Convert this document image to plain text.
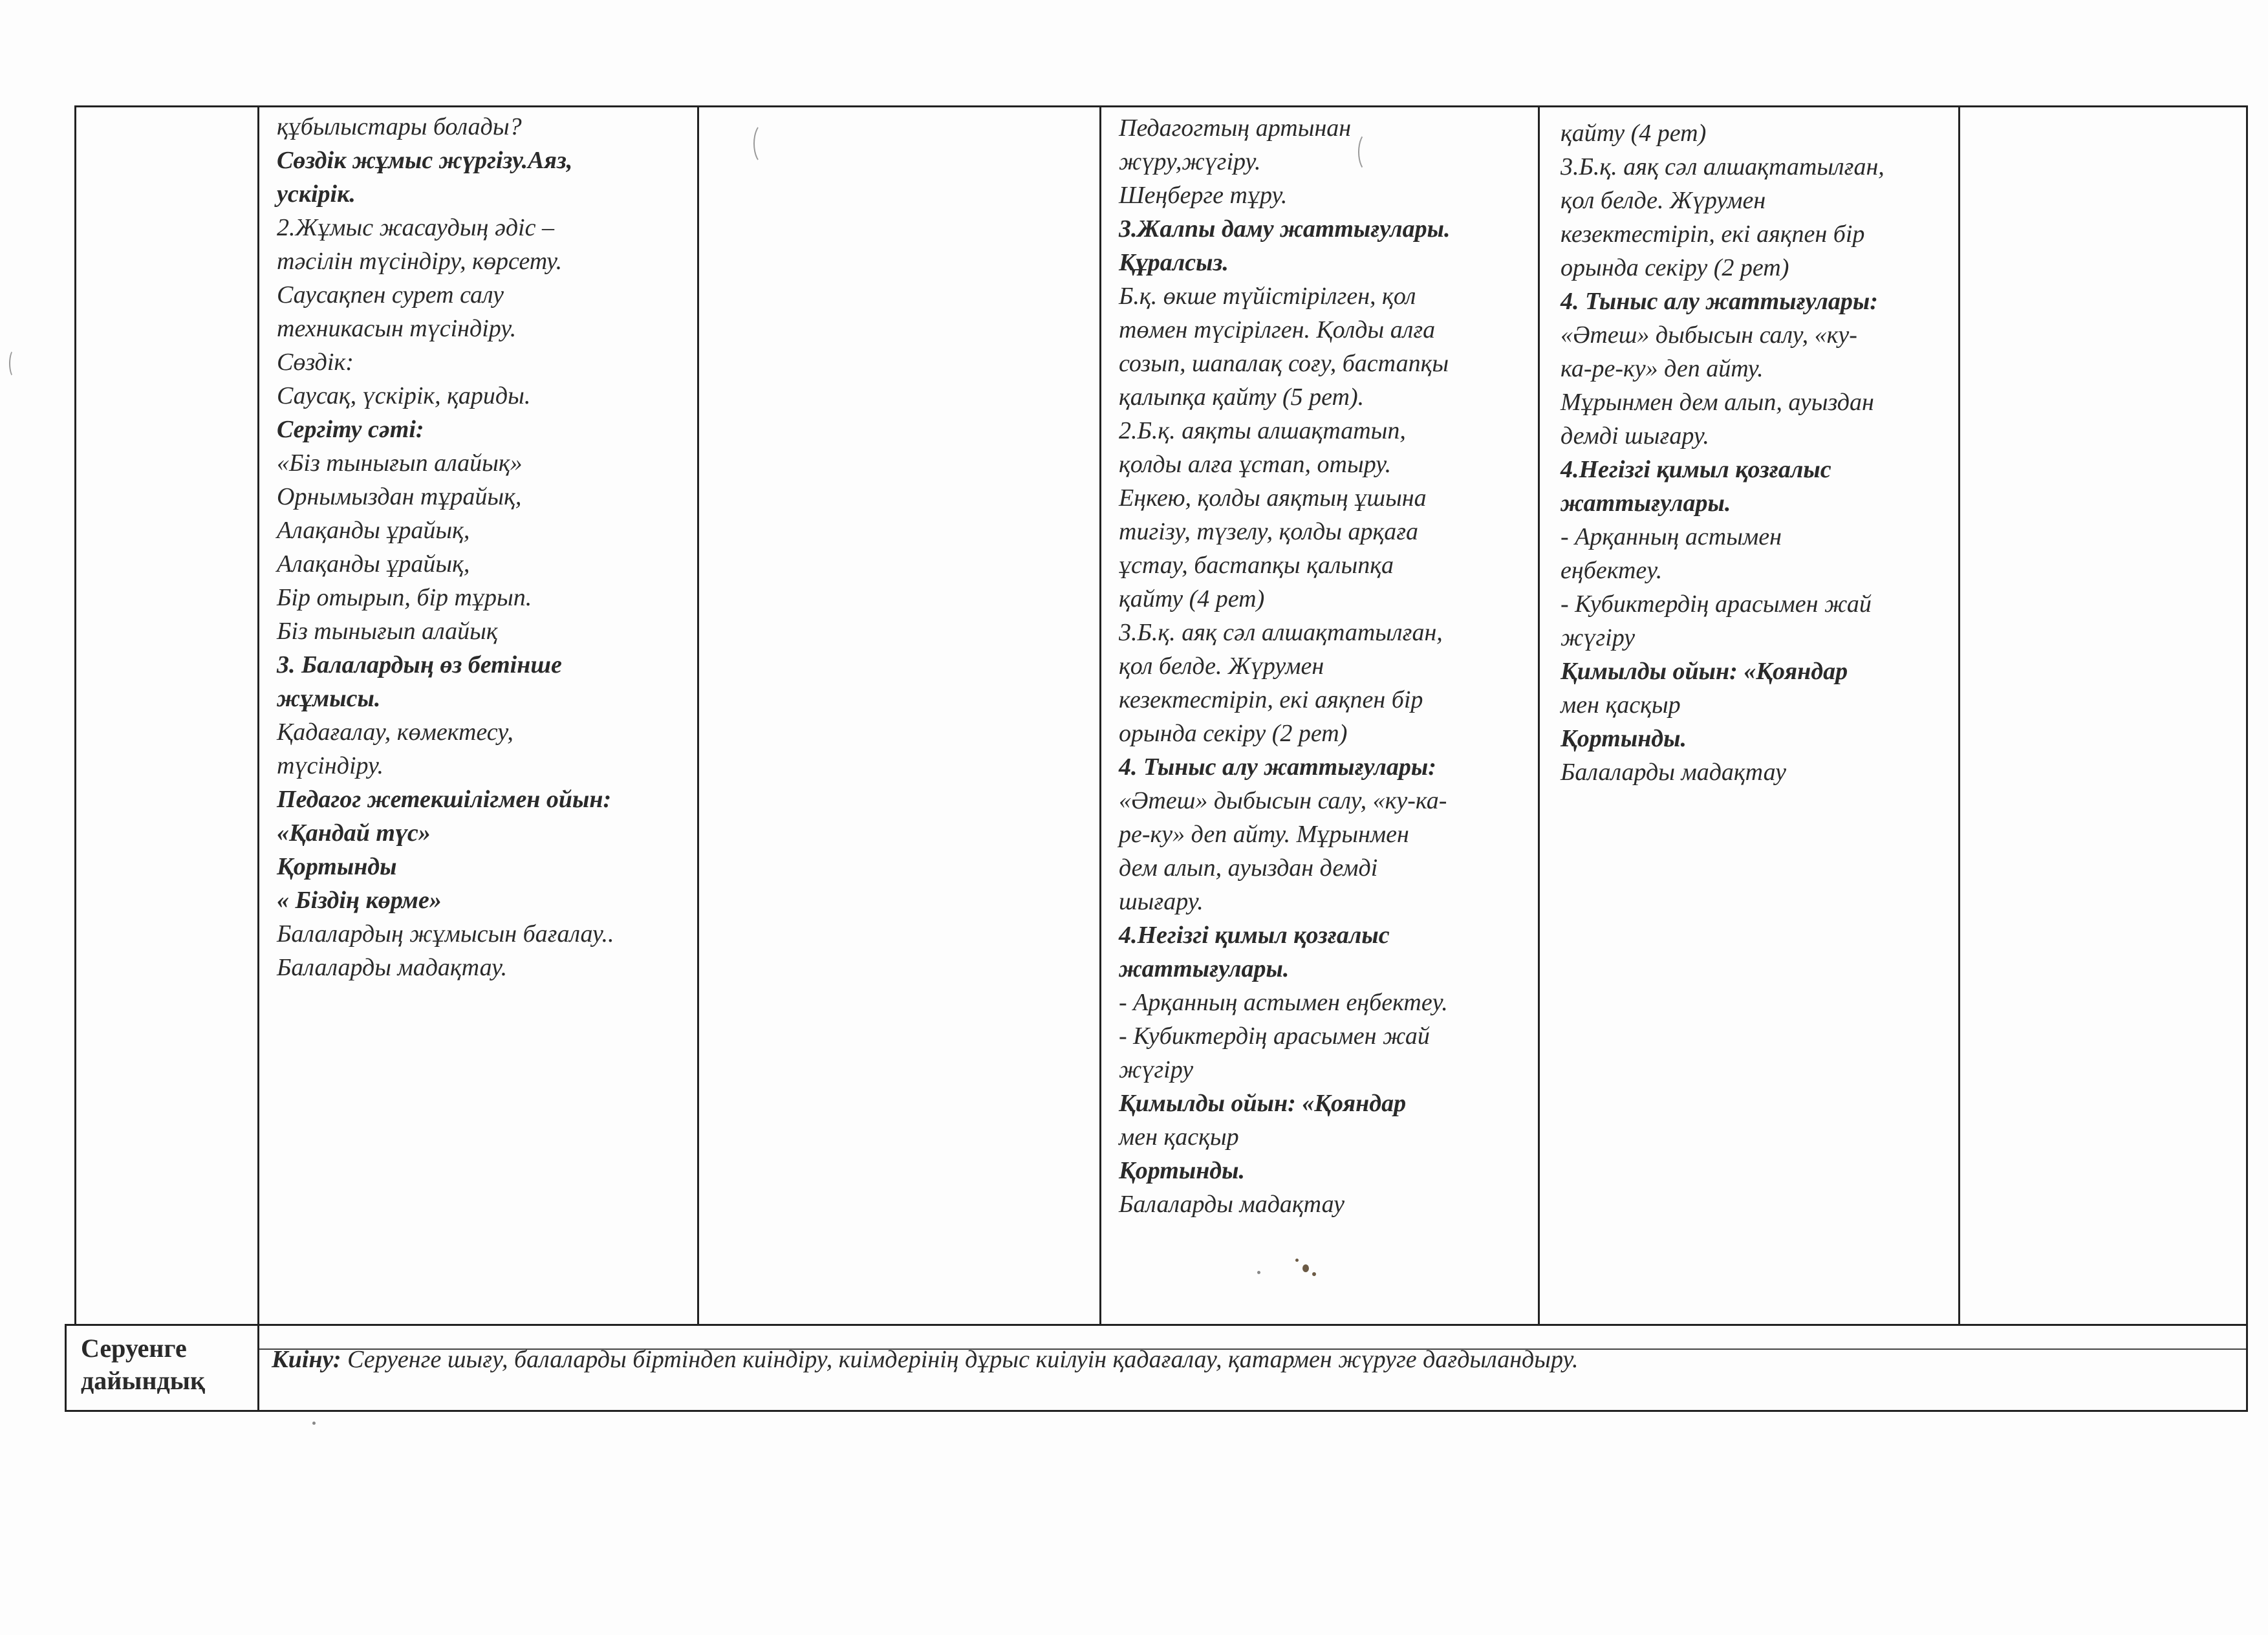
құбылыстары болады?
Сөздік жұмыс жүргізу.Аяз,
ускірік.
2.Жұмыс жасаудың әдіс –
тәсілін түсіндіру, көрсету.
Саусақпен сурет салу
техникасын түсіндіру.
Сөздік:
Саусақ, үскірік, қариды.
Сергіту сәті:
«Біз тынығып алайық»
Орнымыздан тұрайық,
Алақанды ұрайық,
Алақанды ұрайық,
Бір отырып, бір тұрып.
Біз тынығып алайық
3. Балалардың өз бетінше
жұмысы.
Қадағалау, көмектесу,
түсіндіру.
Педагог жетекшілігмен ойын:
«Қандай түс»
Қортынды
« Біздің көрме»
Балалардың жұмысын бағалау..
Балаларды мадақтау.
Педагогтың артынан
жүру,жүгіру.
Шеңберге тұру.
3.Жалпы даму жаттығулары.
Құралсыз.
Б.қ. өкше түйістірілген, қол
төмен түсірілген. Қолды алға
созып, шапалақ соғу, бастапқы
қалыпқа қайту (5 рет).
2.Б.қ. аяқты алшақтатып,
қолды алға ұстап, отыру.
Еңкею, қолды аяқтың ұшына
тигізу, түзелу, қолды арқаға
ұстау, бастапқы қалыпқа
қайту (4 рет)
3.Б.қ. аяқ сәл алшақтатылған,
қол белде. Жүрумен
кезектестіріп, екі аяқпен бір
орында секіру (2 рет)
4. Тыныс алу жаттығулары:
«Әтеш» дыбысын салу, «ку-ка-
ре-ку» деп айту. Мұрынмен
дем алып, ауыздан демді
шығару.
4.Негізгі қимыл қозғалыс
жаттығулары.
- Арқанның астымен еңбектеу.
- Кубиктердің арасымен жай
жүгіру
Қимылды ойын: «Қояндар
мен қасқыр
Қортынды.
Балаларды мадақтау
қайту (4 рет)
3.Б.қ. аяқ сәл алшақтатылған,
қол белде. Жүрумен
кезектестіріп, екі аяқпен бір
орында секіру (2 рет)
4. Тыныс алу жаттығулары:
«Әтеш» дыбысын салу, «ку-
ка-ре-ку» деп айту.
Мұрынмен дем алып, ауыздан
демді шығару.
4.Негізгі қимыл қозғалыс
жаттығулары.
- Арқанның астымен
еңбектеу.
- Кубиктердің арасымен жай
жүгіру
Қимылды ойын: «Қояндар
мен қасқыр
Қортынды.
Балаларды мадақтау
Серуенге
дайындық
Киіну: Серуенге шығу, балаларды біртіндеп киіндіру, киімдерінің дұрыс киілуін қадағалау, қатармен жүруге дағдыландыру.
